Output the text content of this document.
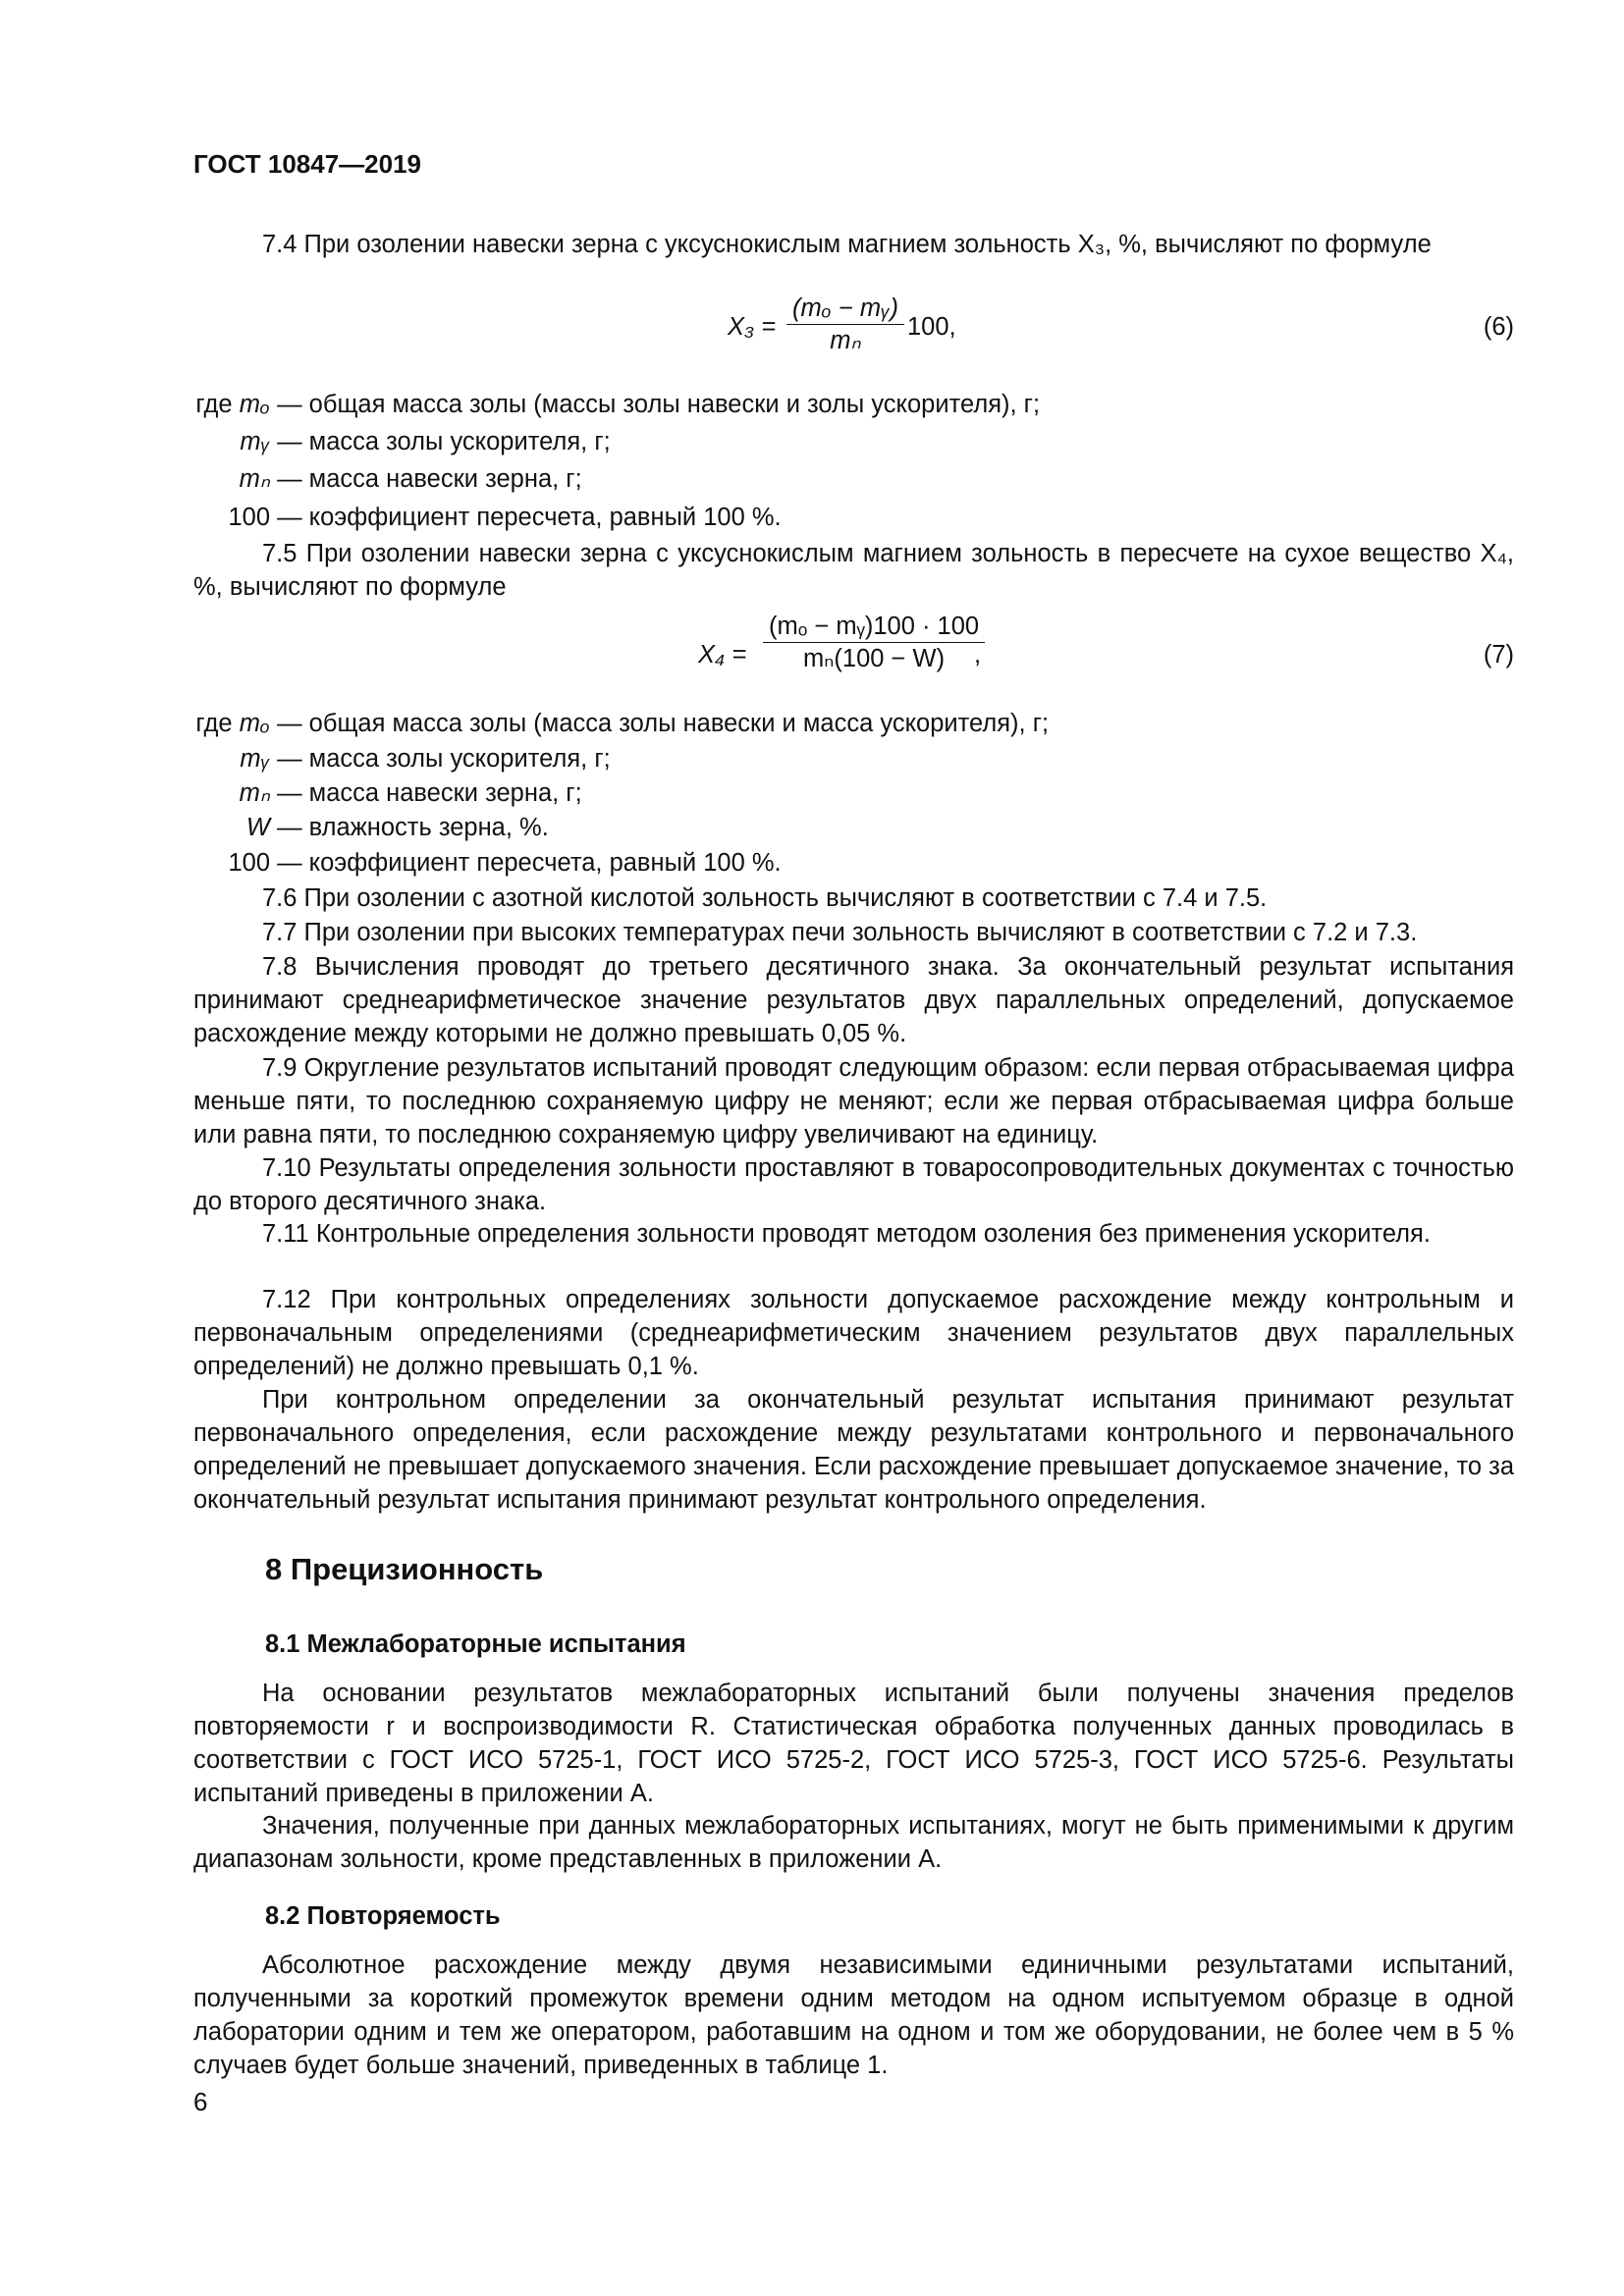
ГОСТ 10847—2019

7.4 При озолении навески зерна с уксуснокислым магнием зольность X₃, %, вычисляют по формуле

$X_3 = \frac{\text{(mₒ − mᵧ)}}{\text{mₙ}} 100$,	(6)
где mₒ — общая масса золы (массы золы навески и золы ускорителя), г;
mᵧ — масса золы ускорителя, г;
mₙ — масса навески зерна, г;
100 — коэффициент пересчета, равный 100 %.

7.5 При озолении навески зерна с уксуснокислым магнием зольность в пересчете на сухое вещество X₄, %, вычисляют по формуле

$X_4 = \frac{\text{(mₒ − mᵧ)100 · 100}}{\text{mₙ(100 − W)}}$
,	(7)
где mₒ — общая масса золы (масса золы навески и масса ускорителя), г;
mᵧ — масса золы ускорителя, г;
mₙ — масса навески зерна, г;
W — влажность зерна, %.
100 — коэффициент пересчета, равный 100 %.

7.6 При озолении с азотной кислотой зольность вычисляют в соответствии с 7.4 и 7.5.

7.7 При озолении при высоких температурах печи зольность вычисляют в соответствии с 7.2 и 7.3.

7.8 Вычисления проводят до третьего десятичного знака. За окончательный результат испытания принимают среднеарифметическое значение результатов двух параллельных определений, допускаемое расхождение между которыми не должно превышать 0,05 %.

7.9 Округление результатов испытаний проводят следующим образом: если первая отбрасываемая цифра меньше пяти, то последнюю сохраняемую цифру не меняют; если же первая отбрасываемая цифра больше или равна пяти, то последнюю сохраняемую цифру увеличивают на единицу.

7.10 Результаты определения зольности проставляют в товаросопроводительных документах с точностью до второго десятичного знака.

7.11 Контрольные определения зольности проводят методом озоления без применения ускорителя.

7.12 При контрольных определениях зольности допускаемое расхождение между контрольным и первоначальным определениями (среднеарифметическим значением результатов двух параллельных определений) не должно превышать 0,1 %.

При контрольном определении за окончательный результат испытания принимают результат первоначального определения, если расхождение между результатами контрольного и первоначального определений не превышает допускаемого значения. Если расхождение превышает допускаемое значение, то за окончательный результат испытания принимают результат контрольного определения.

8 Прецизионность
8.1 Межлабораторные испытания

На основании результатов межлабораторных испытаний были получены значения пределов повторяемости r и воспроизводимости R. Статистическая обработка полученных данных проводилась в соответствии с ГОСТ ИСО 5725-1, ГОСТ ИСО 5725-2, ГОСТ ИСО 5725-3, ГОСТ ИСО 5725-6. Результаты испытаний приведены в приложении А.

Значения, полученные при данных межлабораторных испытаниях, могут не быть применимыми к другим диапазонам зольности, кроме представленных в приложении А.

8.2 Повторяемость

Абсолютное расхождение между двумя независимыми единичными результатами испытаний, полученными за короткий промежуток времени одним методом на одном испытуемом образце в одной лаборатории одним и тем же оператором, работавшим на одном и том же оборудовании, не более чем в 5 % случаев будет больше значений, приведенных в таблице 1.

6
